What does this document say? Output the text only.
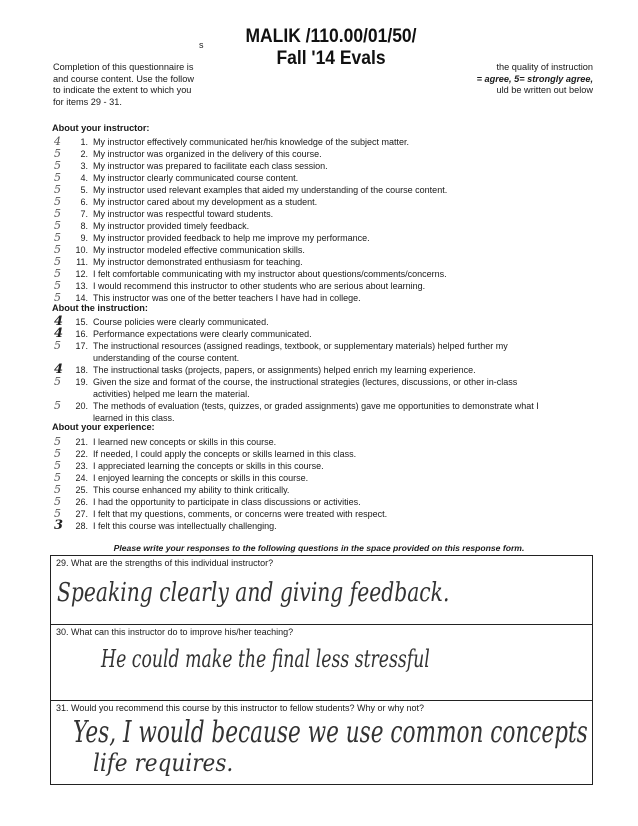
s	MALIK /110.00/01/50/
Fall '14 Evals
Completion of this questionnaire is	the quality of instruction
and course content. Use the follow	= agree, 5= strongly agree,
to indicate the extent to which you	uld be written out below
for items 29 - 31.
About your instructor:
About the instruction:
About your experience:
4	1. My instructor effectively communicated her/his knowledge of the subject matter.
5	2. My instructor was organized in the delivery of this course.
5	3. My instructor was prepared to facilitate each class session.
5	4. My instructor clearly communicated course content.
5	5. My instructor used relevant examples that aided my understanding of the course content.
5	6. My instructor cared about my development as a student.
5	7. My instructor was respectful toward students.
5	8. My instructor provided timely feedback.
5	9. My instructor provided feedback to help me improve my performance.
5	10. My instructor modeled effective communication skills.
5	11. My instructor demonstrated enthusiasm for teaching.
5	12. I felt comfortable communicating with my instructor about questions/comments/concerns.
5	13. I would recommend this instructor to other students who are serious about learning.
5	14. This instructor was one of the better teachers I have had in college.
4	15. Course policies were clearly communicated.
4	16. Performance expectations were clearly communicated.
5	17. The instructional resources (assigned readings, textbook, or supplementary materials) helped further my
4	18. The instructional tasks (projects, papers, or assignments) helped enrich my learning experience.
5	19. Given the size and format of the course, the instructional strategies (lectures, discussions, or other in-class
5	20. The methods of evaluation (tests, quizzes, or graded assignments) gave me opportunities to demonstrate what I
5	21. I learned new concepts or skills in this course.
5	22. If needed, I could apply the concepts or skills learned in this class.
5	23. I appreciated learning the concepts or skills in this course.
5	24. I enjoyed learning the concepts or skills in this course.
5	25. This course enhanced my ability to think critically.
5	26. I had the opportunity to participate in class discussions or activities.
5	27. I felt that my questions, comments, or concerns were treated with respect.
3	28. I felt this course was intellectually challenging.
understanding of the course content.
activities) helped me learn the material.
learned in this class.
Please write your responses to the following questions in the space provided on this response form.
29. What are the strengths of this individual instructor?
Speaking clearly and giving feedback.
30. What can this instructor do to improve his/her teaching?
He could make the final less stressful
31. Would you recommend this course by this instructor to fellow students? Why or why not?
Yes, I would because we use common concepts
life requires.
